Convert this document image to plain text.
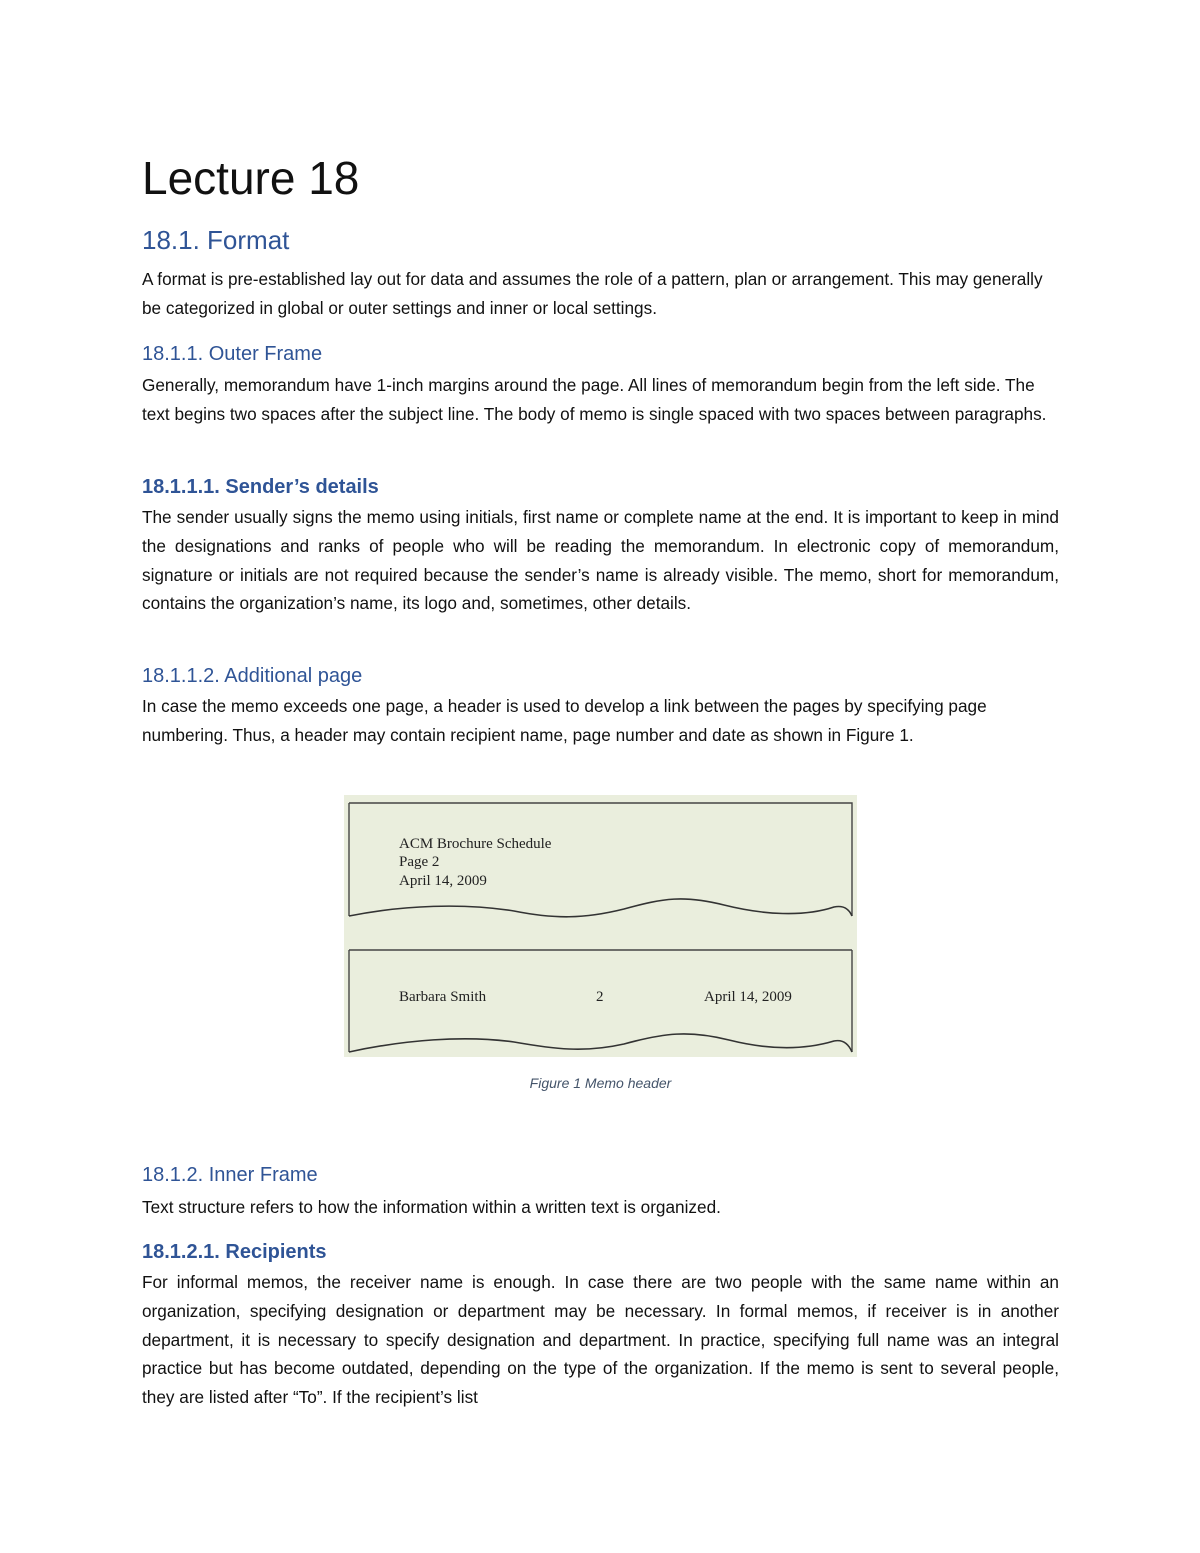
Lecture 18
18.1. Format

A format is pre-established lay out for data and assumes the role of a pattern, plan or arrangement. This may generally be categorized in global or outer settings and inner or local settings.

18.1.1. Outer Frame

Generally, memorandum have 1-inch margins around the page. All lines of memorandum begin from the left side. The text begins two spaces after the subject line. The body of memo is single spaced with two spaces between paragraphs.

18.1.1.1. Sender’s details

The sender usually signs the memo using initials, first name or complete name at the end. It is important to keep in mind the designations and ranks of people who will be reading the memorandum. In electronic copy of memorandum, signature or initials are not required because the sender’s name is already visible. The memo, short for memorandum, contains the organization’s name, its logo and, sometimes, other details.

18.1.1.2. Additional page

In case the memo exceeds one page, a header is used to develop a link between the pages by specifying page numbering. Thus, a header may contain recipient name, page number and date as shown in Figure 1.

Figure 1 Memo header

18.1.2. Inner Frame

Text structure refers to how the information within a written text is organized.

18.1.2.1. Recipients

For informal memos, the receiver name is enough. In case there are two people with the same name within an organization, specifying designation or department may be necessary. In formal memos, if receiver is in another department, it is necessary to specify designation and department. In practice, specifying full name was an integral practice but has become outdated, depending on the type of the organization. If the memo is sent to several people, they are listed after “To”. If the recipient’s list

ACM Brochure Schedule
Page 2
April 14, 2009
Barbara Smith	2	April 14, 2009
